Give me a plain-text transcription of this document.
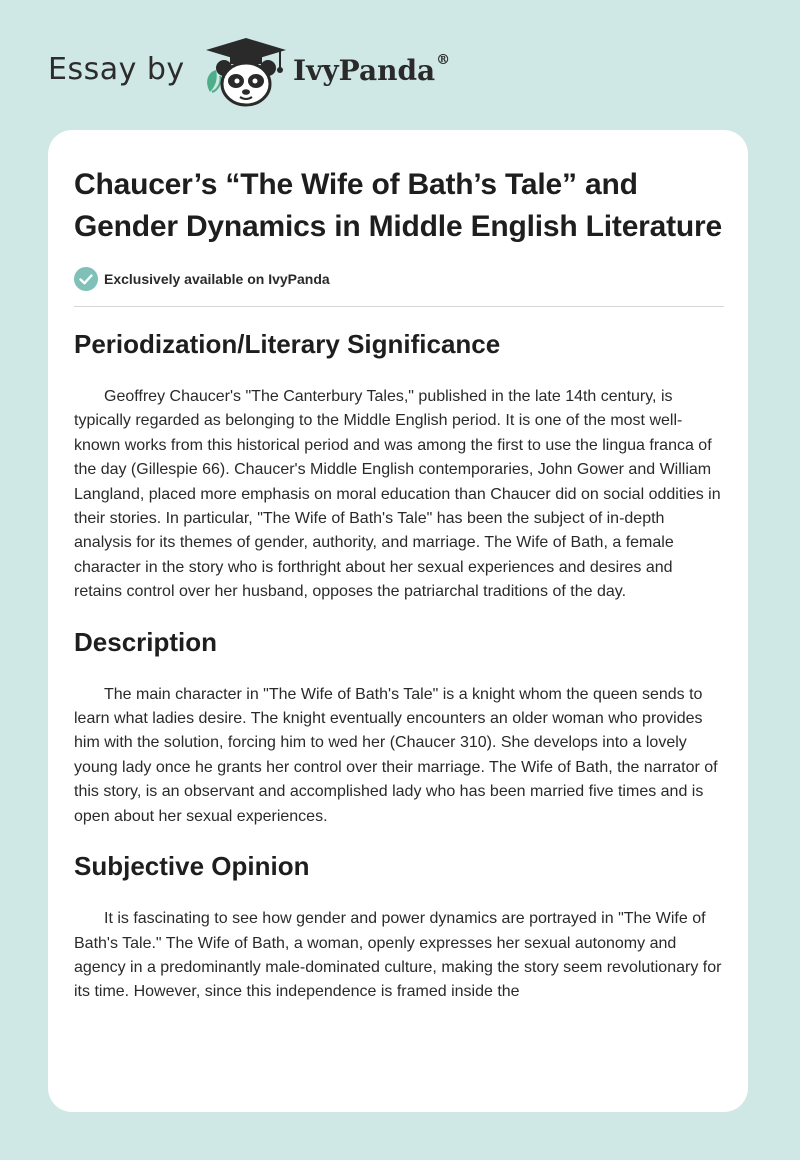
Essay by	IvyPanda®
Chaucer’s “The Wife of Bath’s Tale” and Gender Dynamics in Middle English Literature
Exclusively available on IvyPanda
Periodization/Literary Significance

Geoffrey Chaucer's "The Canterbury Tales," published in the late 14th century, is typically regarded as belonging to the Middle English period. It is one of the most well-known works from this historical period and was among the first to use the lingua franca of the day (Gillespie 66). Chaucer's Middle English contemporaries, John Gower and William Langland, placed more emphasis on moral education than Chaucer did on social oddities in their stories. In particular, "The Wife of Bath's Tale" has been the subject of in-depth analysis for its themes of gender, authority, and marriage. The Wife of Bath, a female character in the story who is forthright about her sexual experiences and desires and retains control over her husband, opposes the patriarchal traditions of the day.

Description

The main character in "The Wife of Bath's Tale" is a knight whom the queen sends to learn what ladies desire. The knight eventually encounters an older woman who provides him with the solution, forcing him to wed her (Chaucer 310). She develops into a lovely young lady once he grants her control over their marriage. The Wife of Bath, the narrator of this story, is an observant and accomplished lady who has been married five times and is open about her sexual experiences.

Subjective Opinion

It is fascinating to see how gender and power dynamics are portrayed in "The Wife of Bath's Tale." The Wife of Bath, a woman, openly expresses her sexual autonomy and agency in a predominantly male-dominated culture, making the story seem revolutionary for its time. However, since this independence is framed inside the
